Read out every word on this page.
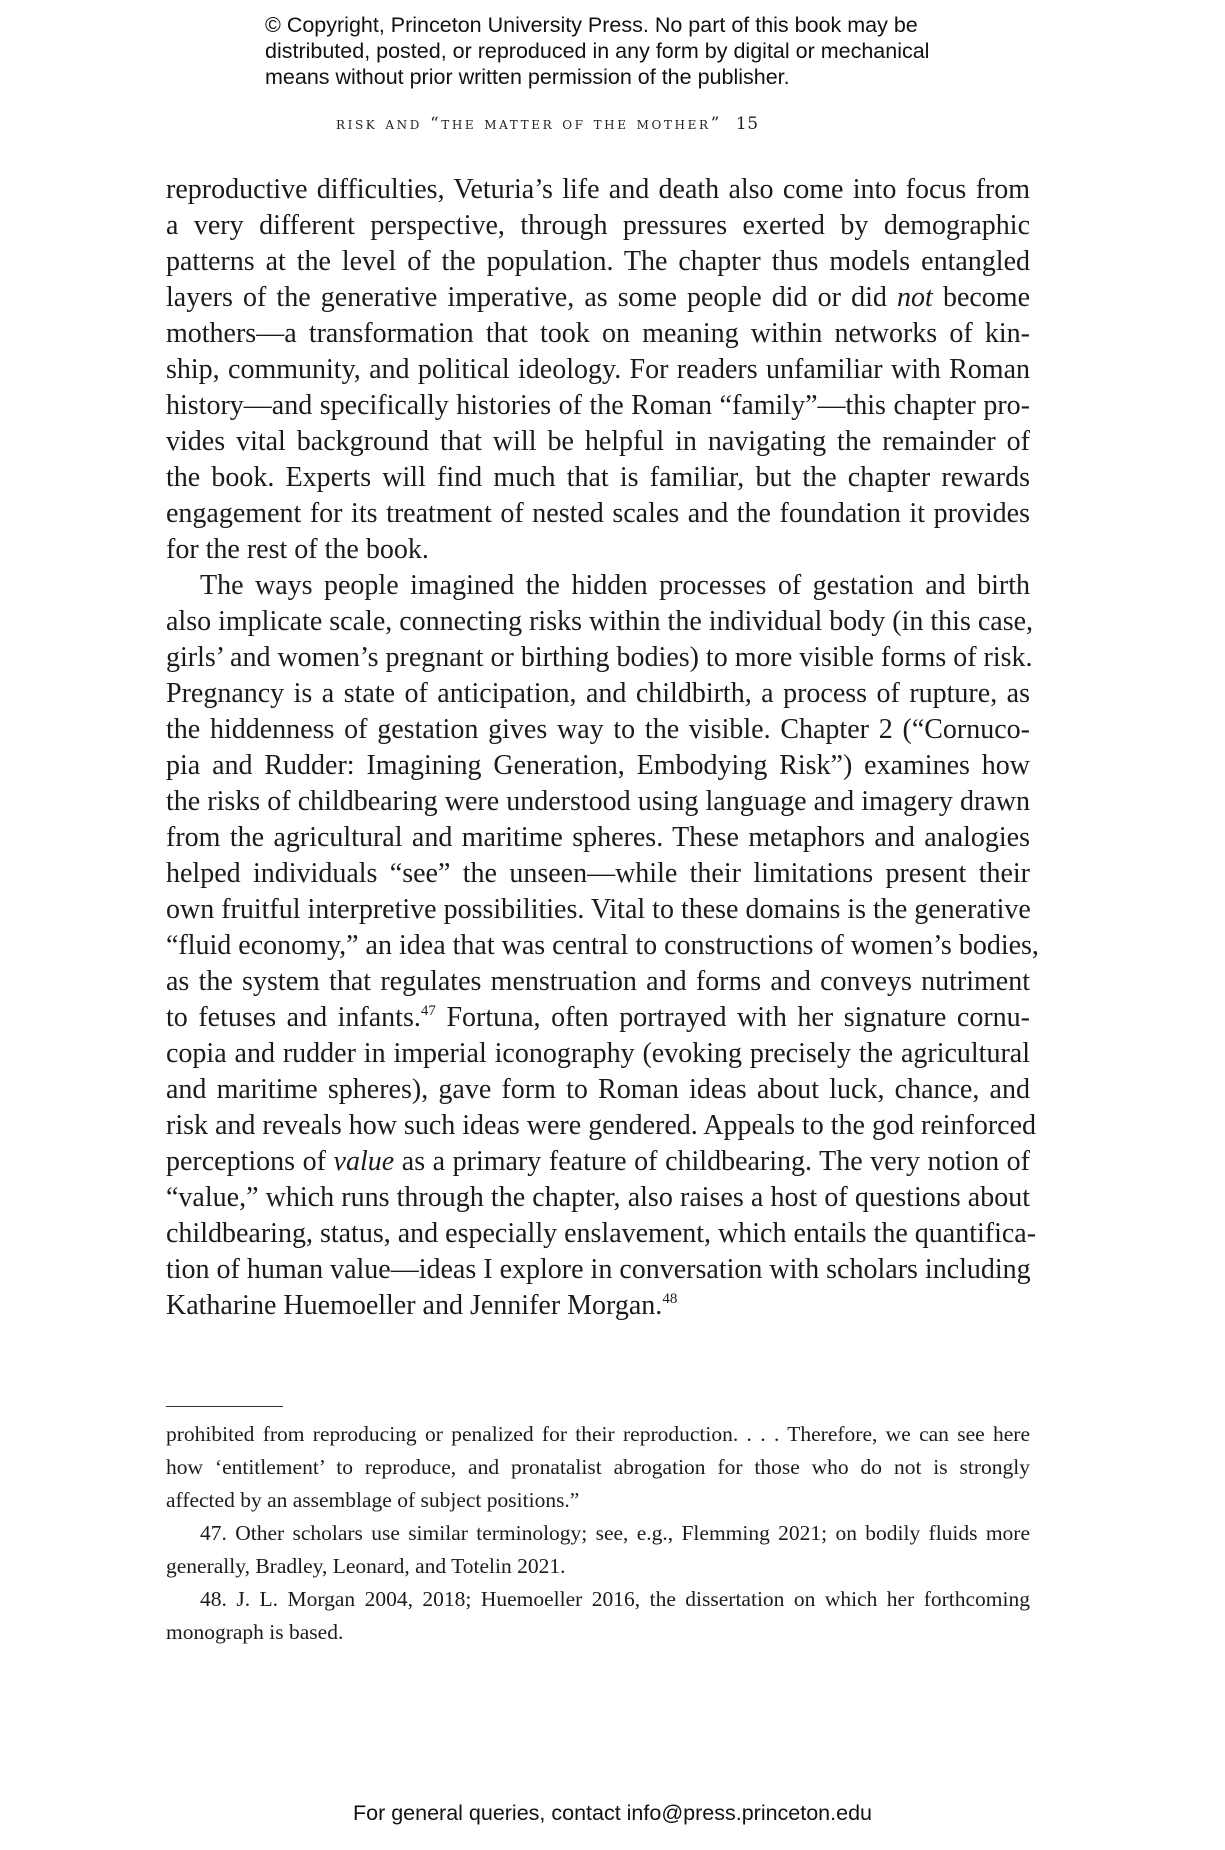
© Copyright, Princeton University Press. No part of this book may be
distributed, posted, or reproduced in any form by digital or mechanical
means without prior written permission of the publisher.
risk and “the matter of the mother” 15
reproductive difficulties, Veturia’s life and death also come into focus from
a very different perspective, through pressures exerted by demographic
patterns at the level of the population. The chapter thus models entangled
layers of the generative imperative, as some people did or did not become
mothers—a transformation that took on meaning within networks of kin-
ship, community, and political ideology. For readers unfamiliar with Roman
history—and specifically histories of the Roman “family”—this chapter pro-
vides vital background that will be helpful in navigating the remainder of
the book. Experts will find much that is familiar, but the chapter rewards
engagement for its treatment of nested scales and the foundation it provides
for the rest of the book.
The ways people imagined the hidden processes of gestation and birth
also implicate scale, connecting risks within the individual body (in this case,
girls’ and women’s pregnant or birthing bodies) to more visible forms of risk.
Pregnancy is a state of anticipation, and childbirth, a process of rupture, as
the hiddenness of gestation gives way to the visible. Chapter 2 (“Cornuco-
pia and Rudder: Imagining Generation, Embodying Risk”) examines how
the risks of childbearing were understood using language and imagery drawn
from the agricultural and maritime spheres. These metaphors and analogies
helped individuals “see” the unseen—while their limitations present their
own fruitful interpretive possibilities. Vital to these domains is the generative
“fluid economy,” an idea that was central to constructions of women’s bodies,
as the system that regulates menstruation and forms and conveys nutriment
to fetuses and infants.$^{47}$ Fortuna, often portrayed with her signature cornu-
copia and rudder in imperial iconography (evoking precisely the agricultural
and maritime spheres), gave form to Roman ideas about luck, chance, and
risk and reveals how such ideas were gendered. Appeals to the god reinforced
perceptions of value as a primary feature of childbearing. The very notion of
“value,” which runs through the chapter, also raises a host of questions about
childbearing, status, and especially enslavement, which entails the quantifica-
tion of human value—ideas I explore in conversation with scholars including
Katharine Huemoeller and Jennifer Morgan.$^{48}$
prohibited from reproducing or penalized for their reproduction. . . . Therefore, we can see here
how ‘entitlement’ to reproduce, and pronatalist abrogation for those who do not is strongly
affected by an assemblage of subject positions.”
47. Other scholars use similar terminology; see, e.g., Flemming 2021; on bodily fluids more
generally, Bradley, Leonard, and Totelin 2021.
48. J. L. Morgan 2004, 2018; Huemoeller 2016, the dissertation on which her forthcoming
monograph is based.
For general queries, contact info@press.princeton.edu
